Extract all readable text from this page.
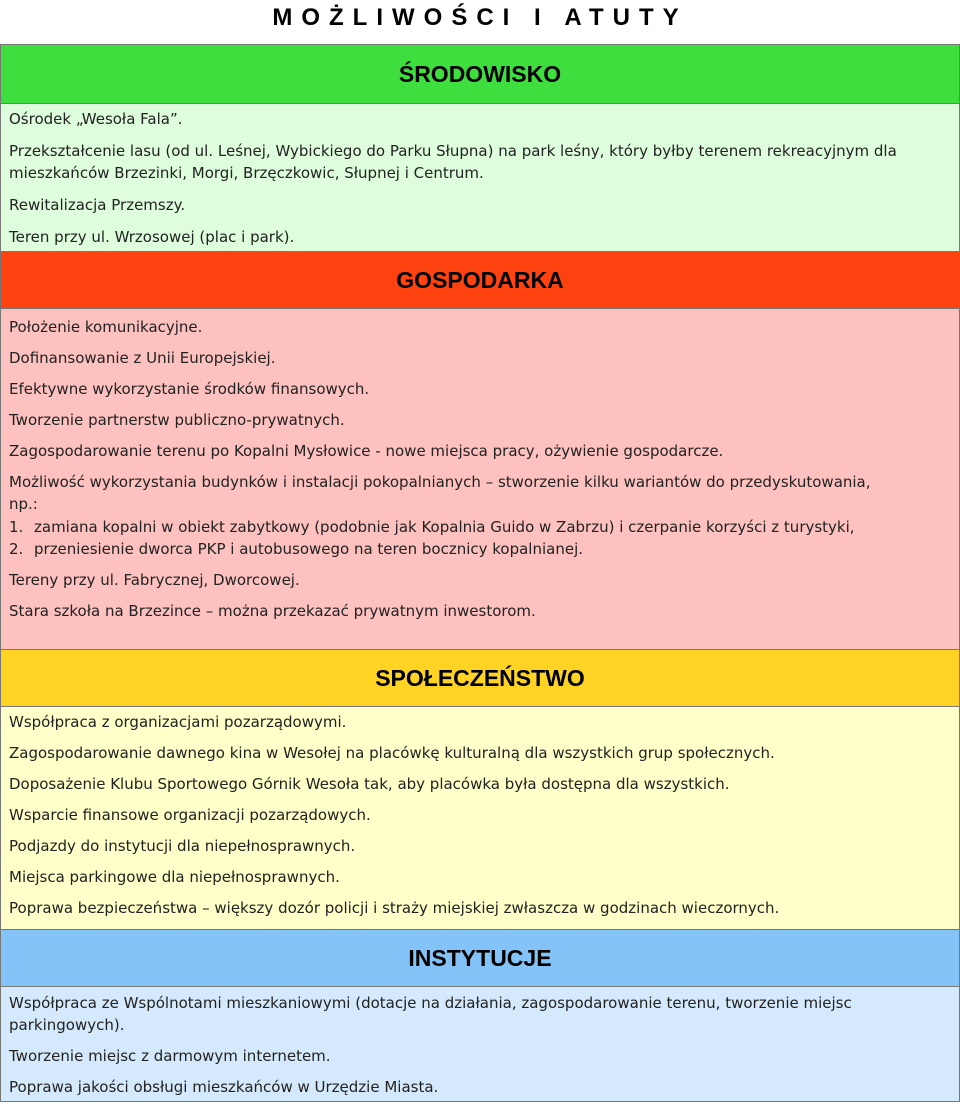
MOŻLIWOŚCI I ATUTY
ŚRODOWISKO

Ośrodek „Wesoła Fala”.

Przekształcenie lasu (od ul. Leśnej, Wybickiego do Parku Słupna) na park leśny, który byłby terenem rekreacyjnym dla mieszkańców Brzezinki, Morgi, Brzęczkowic, Słupnej i Centrum.

Rewitalizacja Przemszy.

Teren przy ul. Wrzosowej (plac i park).

GOSPODARKA

Położenie komunikacyjne.

Dofinansowanie z Unii Europejskiej.

Efektywne wykorzystanie środków finansowych.

Tworzenie partnerstw publiczno-prywatnych.

Zagospodarowanie terenu po Kopalni Mysłowice - nowe miejsca pracy, ożywienie gospodarcze.

Możliwość wykorzystania budynków i instalacji pokopalnianych – stworzenie kilku wariantów do przedyskutowania, np.:

1. zamiana kopalni w obiekt zabytkowy (podobnie jak Kopalnia Guido w Zabrzu) i czerpanie korzyści z turystyki,
2. przeniesienie dworca PKP i autobusowego na teren bocznicy kopalnianej.

Tereny przy ul. Fabrycznej, Dworcowej.

Stara szkoła na Brzezince – można przekazać prywatnym inwestorom.

SPOŁECZEŃSTWO

Współpraca z organizacjami pozarządowymi.

Zagospodarowanie dawnego kina w Wesołej na placówkę kulturalną dla wszystkich grup społecznych.

Doposażenie Klubu Sportowego Górnik Wesoła tak, aby placówka była dostępna dla wszystkich.

Wsparcie finansowe organizacji pozarządowych.

Podjazdy do instytucji dla niepełnosprawnych.

Miejsca parkingowe dla niepełnosprawnych.

Poprawa bezpieczeństwa – większy dozór policji i straży miejskiej zwłaszcza w godzinach wieczornych.

INSTYTUCJE

Współpraca ze Wspólnotami mieszkaniowymi (dotacje na działania, zagospodarowanie terenu, tworzenie miejsc parkingowych).

Tworzenie miejsc z darmowym internetem.

Poprawa jakości obsługi mieszkańców w Urzędzie Miasta.
